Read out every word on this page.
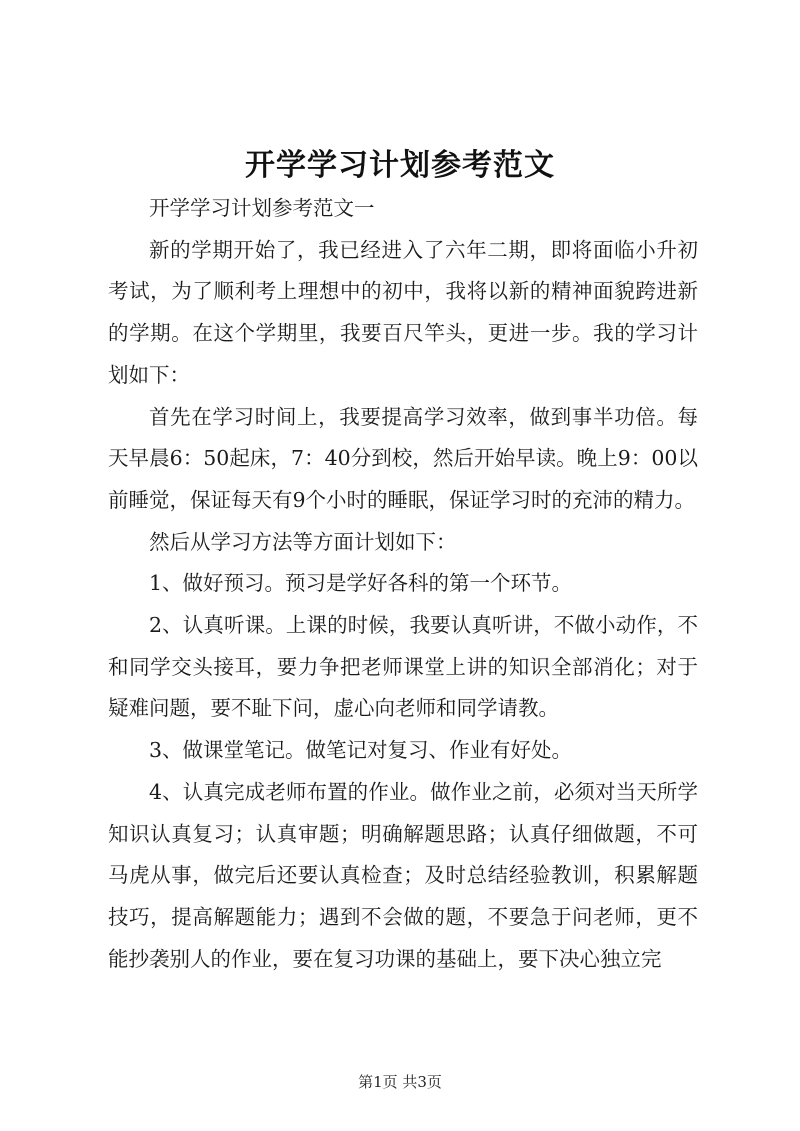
开学学习计划参考范文

开学学习计划参考范文一

新的学期开始了，我已经进入了六年二期，即将面临小升初考试，为了顺利考上理想中的初中，我将以新的精神面貌跨进新的学期。在这个学期里，我要百尺竿头，更进一步。我的学习计划如下：

首先在学习时间上，我要提高学习效率，做到事半功倍。每天早晨6：50起床，7：40分到校，然后开始早读。晚上9：00以前睡觉，保证每天有9个小时的睡眠，保证学习时的充沛的精力。

然后从学习方法等方面计划如下：

1、做好预习。预习是学好各科的第一个环节。

2、认真听课。上课的时候，我要认真听讲，不做小动作，不和同学交头接耳，要力争把老师课堂上讲的知识全部消化；对于疑难问题，要不耻下问，虚心向老师和同学请教。

3、做课堂笔记。做笔记对复习、作业有好处。

4、认真完成老师布置的作业。做作业之前，必须对当天所学知识认真复习；认真审题；明确解题思路；认真仔细做题，不可马虎从事，做完后还要认真检查；及时总结经验教训，积累解题技巧，提高解题能力；遇到不会做的题，不要急于问老师，更不能抄袭别人的作业，要在复习功课的基础上，要下决心独立完

第1页 共3页
